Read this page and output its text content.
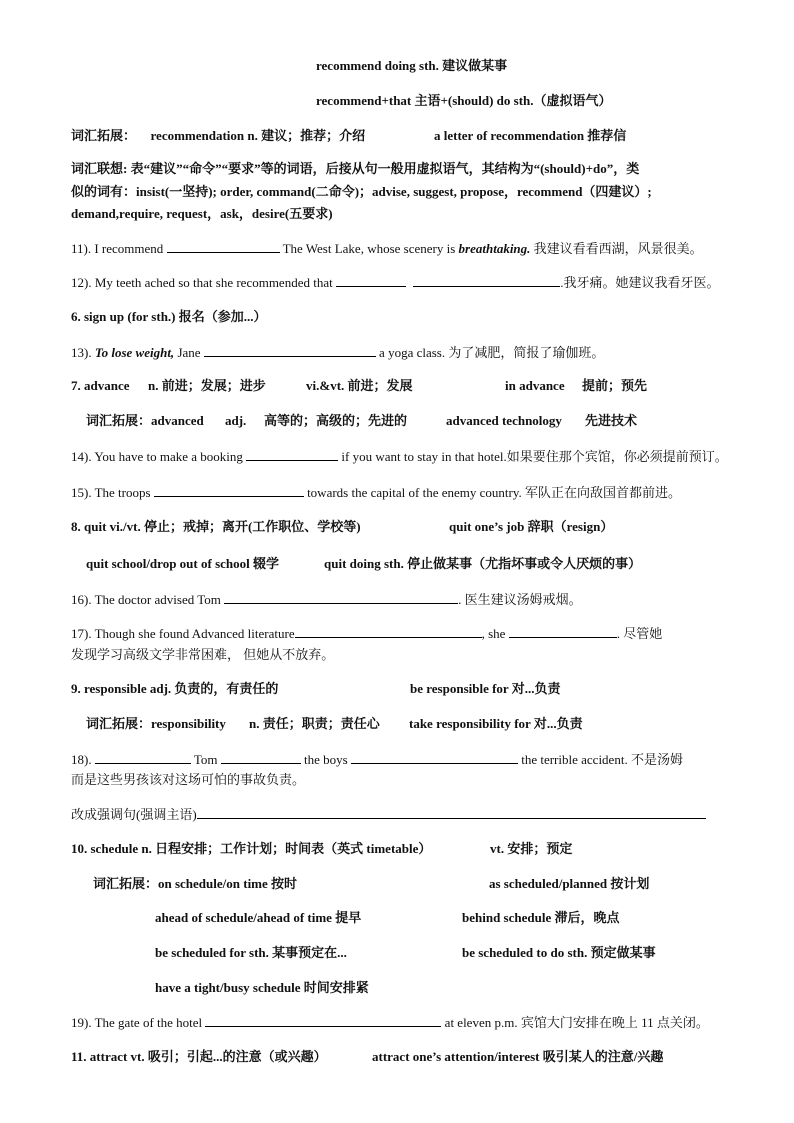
recommend doing sth. 建议做某事
recommend+that 主语+(should) do sth.（虚拟语气）
词汇拓展： recommendation n. 建议；推荐；介绍	a letter of recommendation 推荐信
词汇联想: 表“建议”“命令”“要求”等的词语，后接从句一般用虚拟语气，其结构为“(should)+do”，类
似的词有：insist(一坚持); order, command(二命令)；advise, suggest, propose，recommend（四建议）;
demand,require, request，ask，desire(五要求)
11). I recommend	The West Lake, whose scenery is breathtaking. 我建议看看西湖，风景很美。
12). My teeth ached so that she recommended that	.我牙痛。她建议我看牙医。
6. sign up (for sth.) 报名（参加...）
13). To lose weight, Jane	a yoga class. 为了减肥，简报了瑜伽班。
7. advance n. 前进；发展；进步	vi.&vt. 前进；发展	in advance 提前；预先
词汇拓展：advanced adj. 高等的；高级的；先进的	advanced technology 先进技术
14). You have to make a booking	if you want to stay in that hotel.如果要住那个宾馆，你必须提前预订。
15). The troops	towards the capital of the enemy country. 军队正在向敌国首都前进。
8. quit vi./vt. 停止；戒掉；离开(工作职位、学校等)	quit one’s job 辞职（resign）
quit school/drop out of school 辍学	quit doing sth. 停止做某事（尤指坏事或令人厌烦的事）
16). The doctor advised Tom	. 医生建议汤姆戒烟。
17). Though she found Advanced literature	, she	. 尽管她
发现学习高级文学非常困难， 但她从不放弃。
9. responsible adj. 负责的，有责任的	be responsible for 对...负责
词汇拓展：responsibility n. 责任；职责；责任心 take responsibility for 对...负责
18).	Tom	the boys	the terrible accident. 不是汤姆
而是这些男孩该对这场可怕的事故负责。
改成强调句(强调主语)
10. schedule n. 日程安排；工作计划；时间表（英式 timetable）	vt. 安排；预定
词汇拓展：on schedule/on time 按时	as scheduled/planned 按计划
ahead of schedule/ahead of time 提早	behind schedule 滞后，晚点
be scheduled for sth. 某事预定在...	be scheduled to do sth. 预定做某事
have a tight/busy schedule 时间安排紧
19). The gate of the hotel	at eleven p.m. 宾馆大门安排在晚上 11 点关闭。
11. attract vt. 吸引；引起...的注意（或兴趣）	attract one’s attention/interest 吸引某人的注意/兴趣
